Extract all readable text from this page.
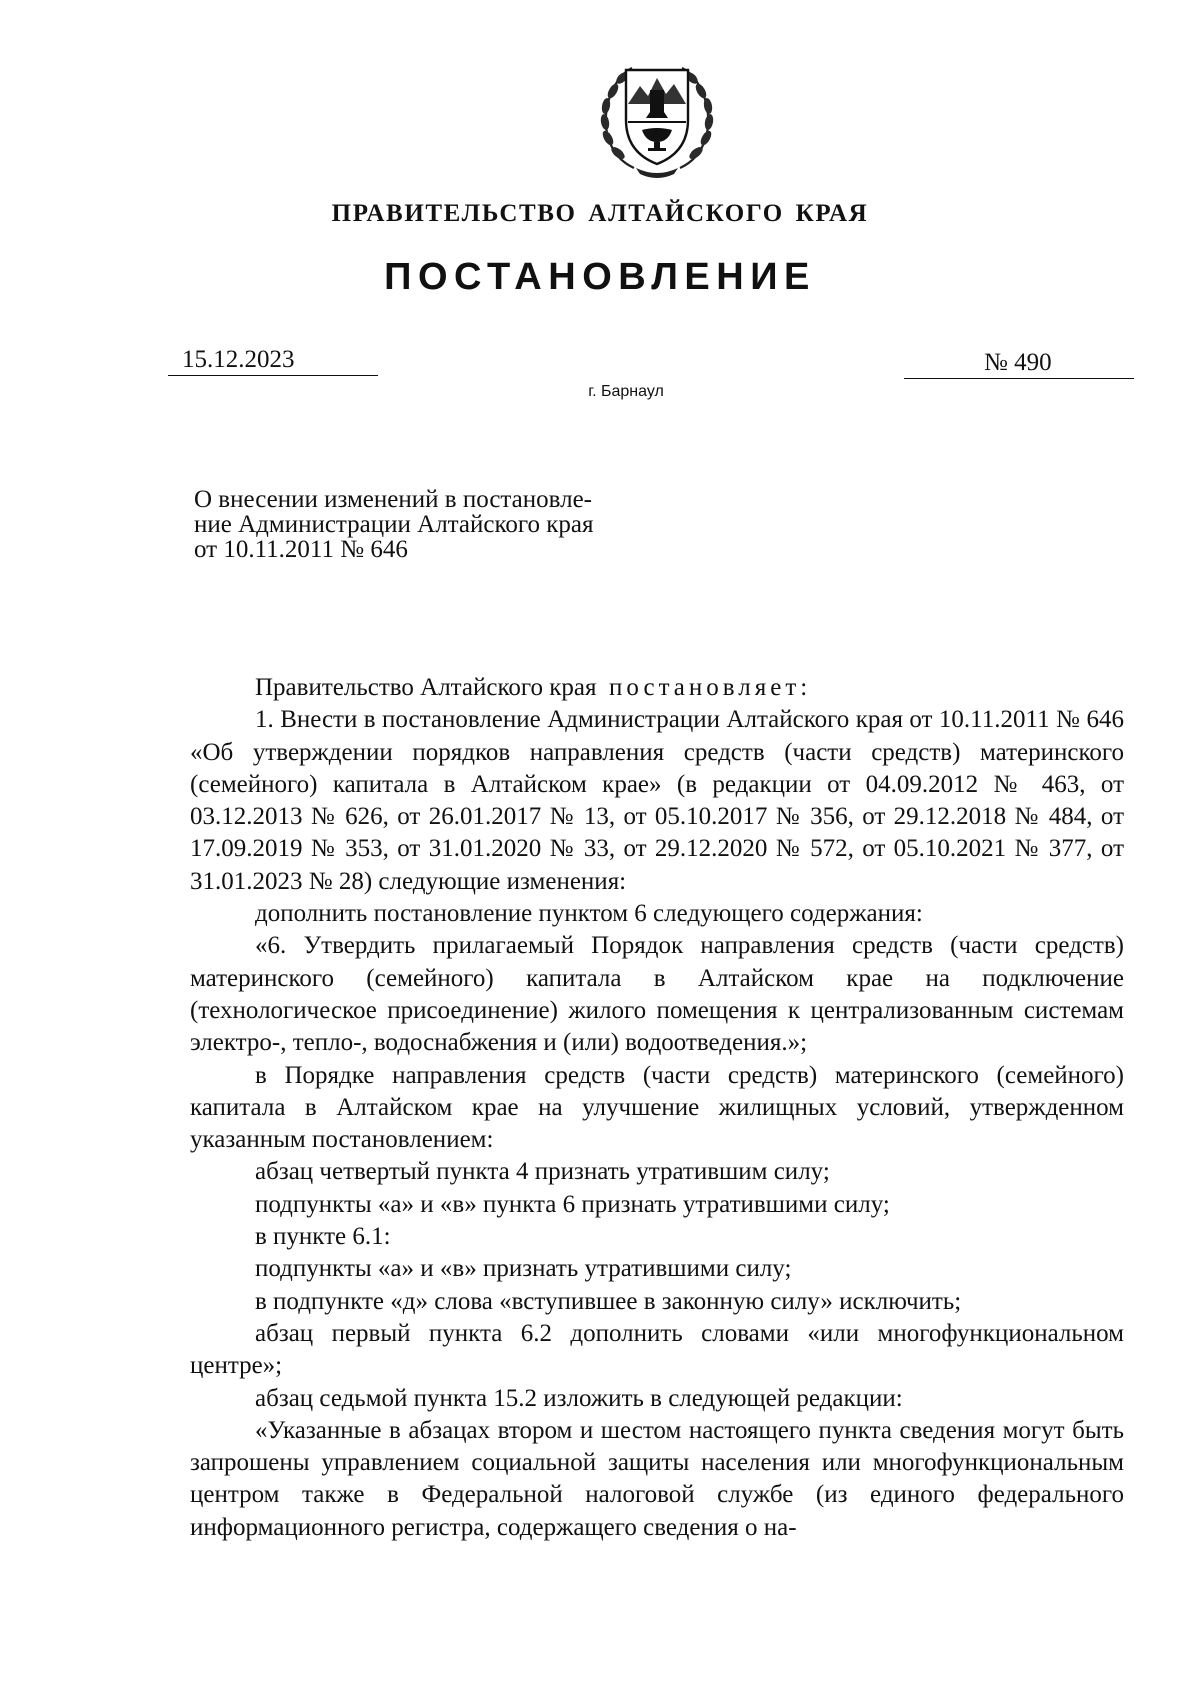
ПРАВИТЕЛЬСТВО АЛТАЙСКОГО КРАЯ
ПОСТАНОВЛЕНИЕ
15.12.2023	№ 490
г. Барнаул
О внесении изменений в постановле-
ние Администрации Алтайского края
от 10.11.2011 № 646

Правительство Алтайского края постановляет:

1. Внести в постановление Администрации Алтайского края от 10.11.2011 № 646 «Об утверждении порядков направления средств (части средств) материнского (семейного) капитала в Алтайском крае» (в редакции от 04.09.2012 № 463, от 03.12.2013 № 626, от 26.01.2017 № 13, от 05.10.2017 № 356, от 29.12.2018 № 484, от 17.09.2019 № 353, от 31.01.2020 № 33, от 29.12.2020 № 572, от 05.10.2021 № 377, от 31.01.2023 № 28) следующие изменения:

дополнить постановление пунктом 6 следующего содержания:

«6. Утвердить прилагаемый Порядок направления средств (части средств) материнского (семейного) капитала в Алтайском крае на подключение (технологическое присоединение) жилого помещения к централизованным системам электро-, тепло-, водоснабжения и (или) водоотведения.»;

в Порядке направления средств (части средств) материнского (семейного) капитала в Алтайском крае на улучшение жилищных условий, утвержденном указанным постановлением:

абзац четвертый пункта 4 признать утратившим силу;

подпункты «а» и «в» пункта 6 признать утратившими силу;

в пункте 6.1:

подпункты «а» и «в» признать утратившими силу;

в подпункте «д» слова «вступившее в законную силу» исключить;

абзац первый пункта 6.2 дополнить словами «или многофункциональном центре»;

абзац седьмой пункта 15.2 изложить в следующей редакции:

«Указанные в абзацах втором и шестом настоящего пункта сведения могут быть запрошены управлением социальной защиты населения или многофункциональным центром также в Федеральной налоговой службе (из единого федерального информационного регистра, содержащего сведения о на-
